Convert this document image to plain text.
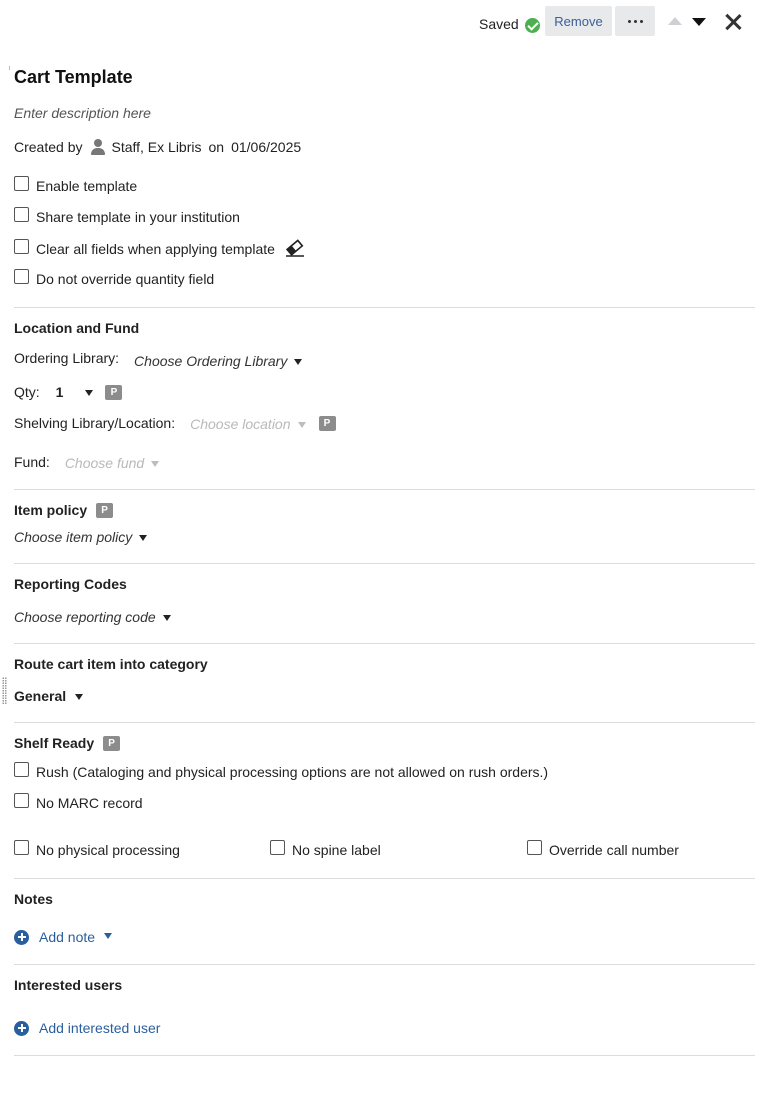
Saved	Remove
Cart Template
Enter description here
Created by Staff, Ex Libris on 01/06/2025
Enable template
Share template in your institution
Clear all fields when applying template
Do not override quantity field
Location and Fund
Ordering Library: Choose Ordering Library
Qty: 1	P
Shelving Library/Location: Choose location	P
Fund: Choose fund
Item policy	P
Choose item policy
Reporting Codes
Choose reporting code
Route cart item into category
General
Shelf Ready	P
Rush (Cataloging and physical processing options are not allowed on rush orders.)
No MARC record
No physical processing	No spine label	Override call number
Notes
Add note
Interested users
Add interested user
